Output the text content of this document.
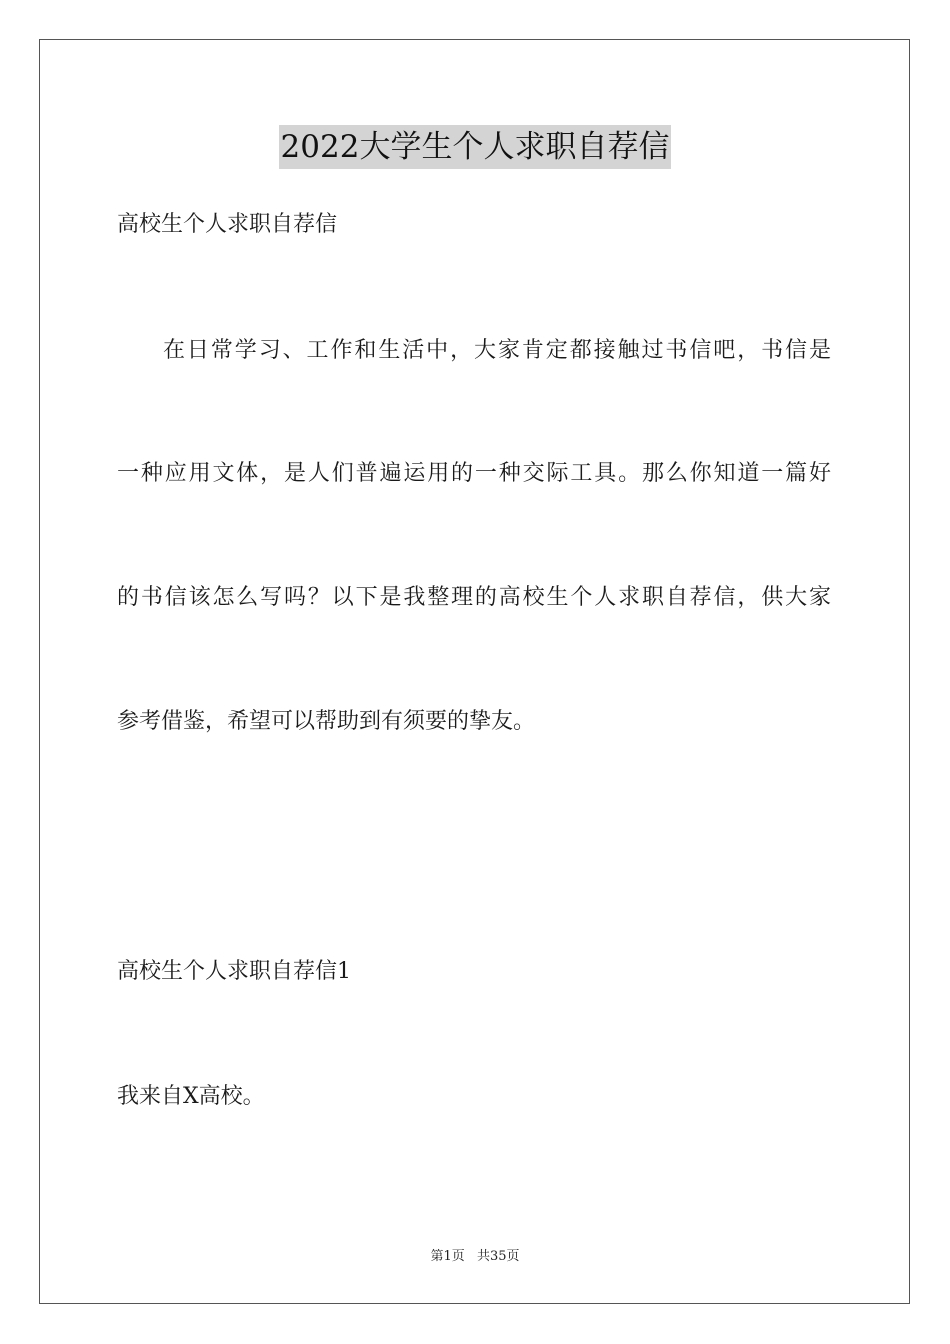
2022大学生个人求职自荐信
高校生个人求职自荐信
在日常学习、工作和生活中，大家肯定都接触过书信吧，书信是
一种应用文体，是人们普遍运用的一种交际工具。那么你知道一篇好
的书信该怎么写吗？以下是我整理的高校生个人求职自荐信，供大家
参考借鉴，希望可以帮助到有须要的挚友。
高校生个人求职自荐信1
我来自X高校。
第1页 共35页
